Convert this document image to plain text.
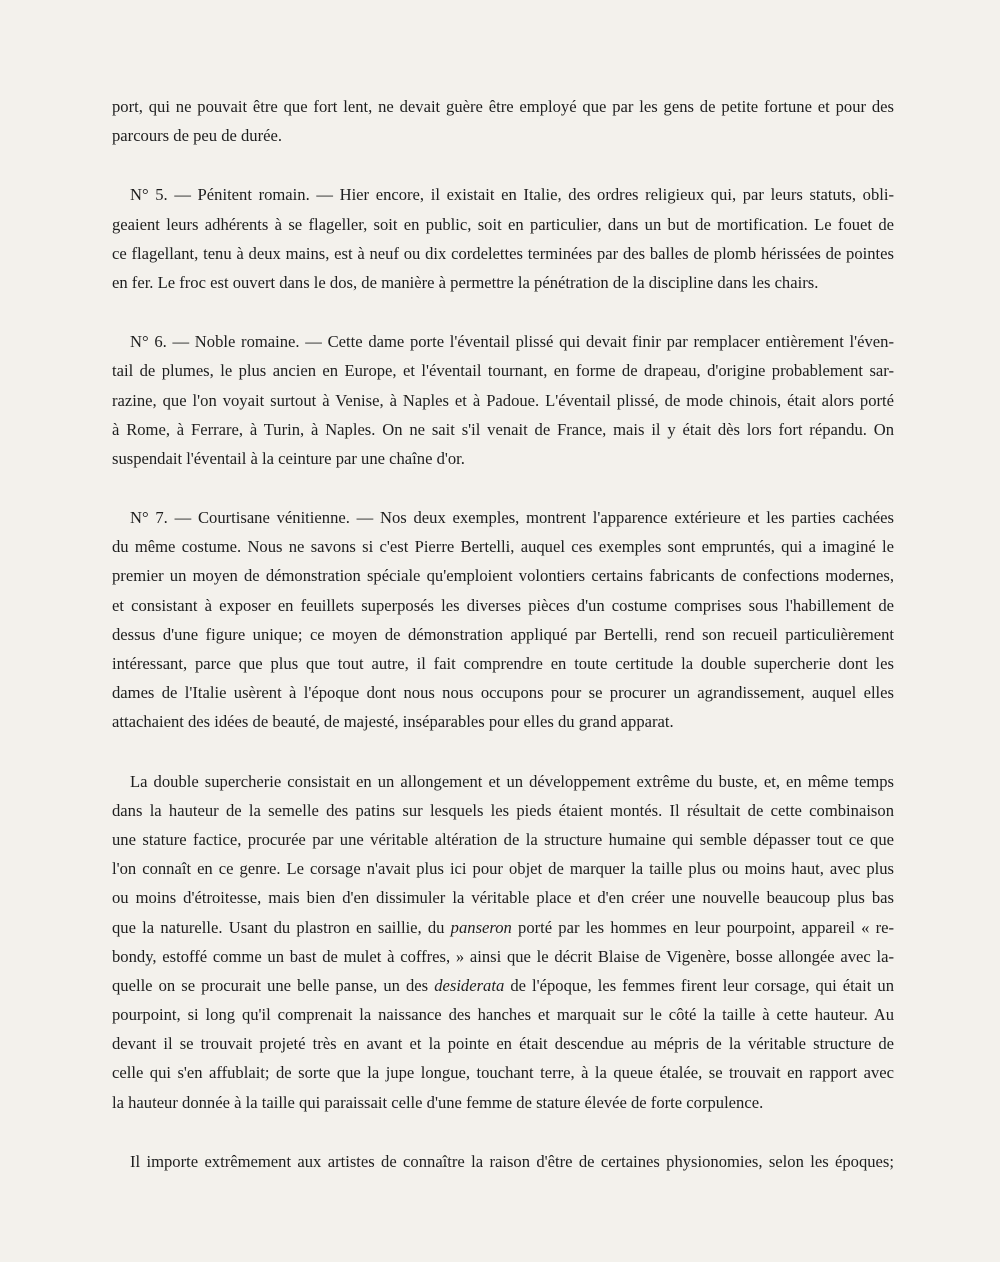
port, qui ne pouvait être que fort lent, ne devait guère être employé que par les gens de petite fortune et pour des
parcours de peu de durée.
N° 5. — Pénitent romain. — Hier encore, il existait en Italie, des ordres religieux qui, par leurs statuts, obli-
geaient leurs adhérents à se flageller, soit en public, soit en particulier, dans un but de mortification. Le fouet de
ce flagellant, tenu à deux mains, est à neuf ou dix cordelettes terminées par des balles de plomb hérissées de pointes
en fer. Le froc est ouvert dans le dos, de manière à permettre la pénétration de la discipline dans les chairs.
N° 6. — Noble romaine. — Cette dame porte l'éventail plissé qui devait finir par remplacer entièrement l'éven-
tail de plumes, le plus ancien en Europe, et l'éventail tournant, en forme de drapeau, d'origine probablement sar-
razine, que l'on voyait surtout à Venise, à Naples et à Padoue. L'éventail plissé, de mode chinois, était alors porté
à Rome, à Ferrare, à Turin, à Naples. On ne sait s'il venait de France, mais il y était dès lors fort répandu. On
suspendait l'éventail à la ceinture par une chaîne d'or.
N° 7. — Courtisane vénitienne. — Nos deux exemples, montrent l'apparence extérieure et les parties cachées
du même costume. Nous ne savons si c'est Pierre Bertelli, auquel ces exemples sont empruntés, qui a imaginé le
premier un moyen de démonstration spéciale qu'emploient volontiers certains fabricants de confections modernes,
et consistant à exposer en feuillets superposés les diverses pièces d'un costume comprises sous l'habillement de
dessus d'une figure unique; ce moyen de démonstration appliqué par Bertelli, rend son recueil particulièrement
intéressant, parce que plus que tout autre, il fait comprendre en toute certitude la double supercherie dont les
dames de l'Italie usèrent à l'époque dont nous nous occupons pour se procurer un agrandissement, auquel elles
attachaient des idées de beauté, de majesté, inséparables pour elles du grand apparat.
La double supercherie consistait en un allongement et un développement extrême du buste, et, en même temps
dans la hauteur de la semelle des patins sur lesquels les pieds étaient montés. Il résultait de cette combinaison
une stature factice, procurée par une véritable altération de la structure humaine qui semble dépasser tout ce que
l'on connaît en ce genre. Le corsage n'avait plus ici pour objet de marquer la taille plus ou moins haut, avec plus
ou moins d'étroitesse, mais bien d'en dissimuler la véritable place et d'en créer une nouvelle beaucoup plus bas
que la naturelle. Usant du plastron en saillie, du panseron porté par les hommes en leur pourpoint, appareil « re-
bondy, estoffé comme un bast de mulet à coffres, » ainsi que le décrit Blaise de Vigenère, bosse allongée avec la-
quelle on se procurait une belle panse, un des desiderata de l'époque, les femmes firent leur corsage, qui était un
pourpoint, si long qu'il comprenait la naissance des hanches et marquait sur le côté la taille à cette hauteur. Au
devant il se trouvait projeté très en avant et la pointe en était descendue au mépris de la véritable structure de
celle qui s'en affublait; de sorte que la jupe longue, touchant terre, à la queue étalée, se trouvait en rapport avec
la hauteur donnée à la taille qui paraissait celle d'une femme de stature élevée de forte corpulence.
Il importe extrêmement aux artistes de connaître la raison d'être de certaines physionomies, selon les époques;
